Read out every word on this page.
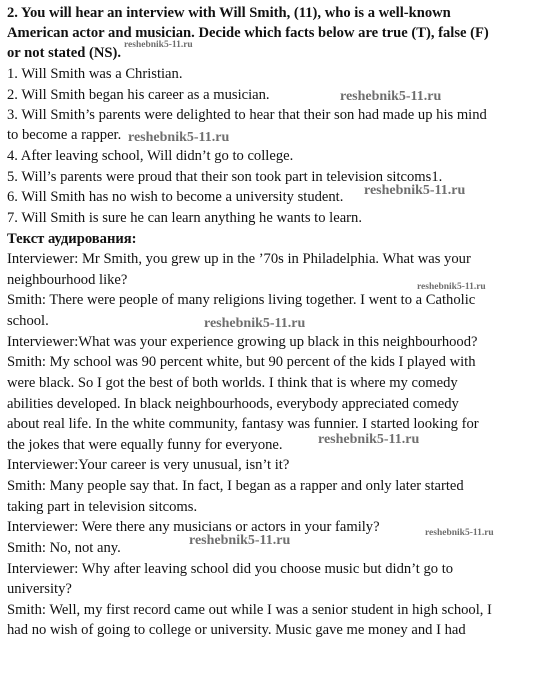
2. You will hear an interview with Will Smith, (11), who is a well-known
American actor and musician. Decide which facts below are true (T), false (F)
or not stated (NS).
1. Will Smith was a Christian.
2. Will Smith began his career as a musician.
3. Will Smith’s parents were delighted to hear that their son had made up his mind
to become a rapper.
4. After leaving school, Will didn’t go to college.
5. Will’s parents were proud that their son took part in television sitcoms1.
6. Will Smith has no wish to become a university student.
7. Will Smith is sure he can learn anything he wants to learn.
Текст аудирования:
Interviewer: Mr Smith, you grew up in the ’70s in Philadelphia. What was your
neighbourhood like?
Smith: There were people of many religions living together. I went to a Catholic
school.
Interviewer:What was your experience growing up black in this neighbourhood?
Smith: My school was 90 percent white, but 90 percent of the kids I played with
were black. So I got the best of both worlds. I think that is where my comedy
abilities developed. In black neighbourhoods, everybody appreciated comedy
about real life. In the white community, fantasy was funnier. I started looking for
the jokes that were equally funny for everyone.
Interviewer:Your career is very unusual, isn’t it?
Smith: Many people say that. In fact, I began as a rapper and only later started
taking part in television sitcoms.
Interviewer: Were there any musicians or actors in your family?
Smith: No, not any.
Interviewer: Why after leaving school did you choose music but didn’t go to
university?
Smith: Well, my first record came out while I was a senior student in high school, I
had no wish of going to college or university. Music gave me money and I had
reshebnik5-11.ru
reshebnik5-11.ru
reshebnik5-11.ru
reshebnik5-11.ru
reshebnik5-11.ru
reshebnik5-11.ru
reshebnik5-11.ru
reshebnik5-11.ru
reshebnik5-11.ru
